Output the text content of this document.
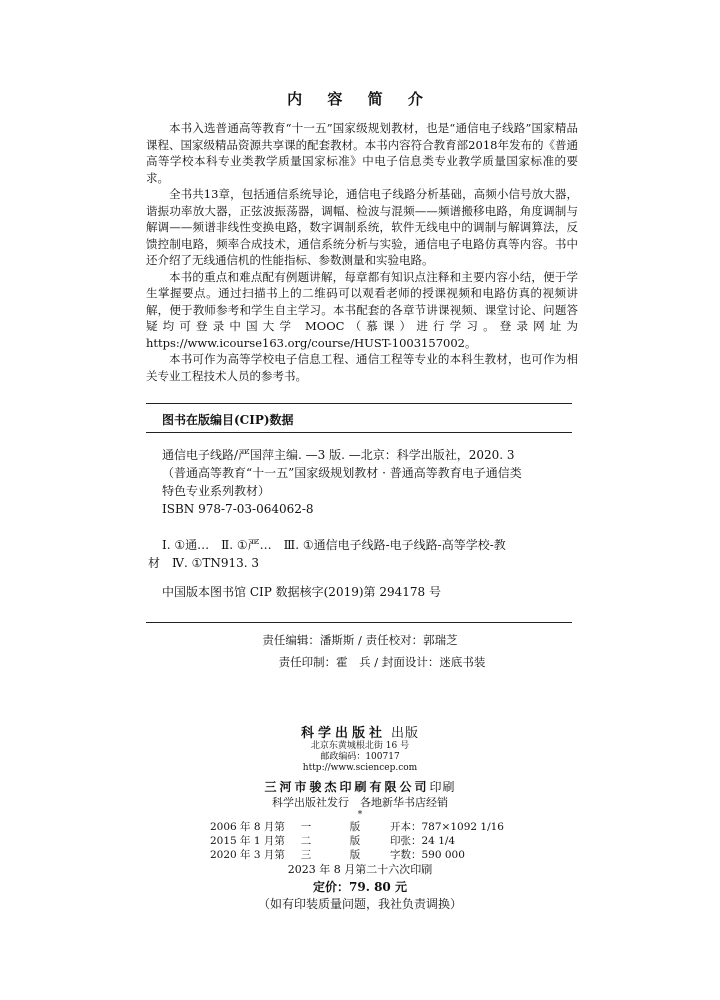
内 容 简 介

本书入选普通高等教育“十一五”国家级规划教材，也是“通信电子线路”国家精品课程、国家级精品资源共享课的配套教材。本书内容符合教育部2018年发布的《普通高等学校本科专业类教学质量国家标准》中电子信息类专业教学质量国家标准的要求。

全书共13章，包括通信系统导论，通信电子线路分析基础，高频小信号放大器，谐振功率放大器，正弦波振荡器，调幅、检波与混频——频谱搬移电路，角度调制与解调——频谱非线性变换电路，数字调制系统，软件无线电中的调制与解调算法，反馈控制电路，频率合成技术，通信系统分析与实验，通信电子电路仿真等内容。书中还介绍了无线通信机的性能指标、参数测量和实验电路。

本书的重点和难点配有例题讲解，每章都有知识点注释和主要内容小结，便于学生掌握要点。通过扫描书上的二维码可以观看老师的授课视频和电路仿真的视频讲解，便于教师参考和学生自主学习。本书配套的各章节讲课视频、课堂讨论、问题答疑均可登录中国大学 MOOC（慕课）进行学习。登录网址为 https://www.icourse163.org/course/HUST-1003157002。

本书可作为高等学校电子信息工程、通信工程等专业的本科生教材，也可作为相关专业工程技术人员的参考书。

图书在版编目(CIP)数据
通信电子线路/严国萍主编. —3 版. —北京：科学出版社，2020. 3
（普通高等教育“十一五”国家级规划教材 · 普通高等教育电子通信类
特色专业系列教材）
ISBN 978-7-03-064062-8
Ⅰ. ①通…　Ⅱ. ①严…　Ⅲ. ①通信电子线路-电子线路-高等学校-教
材　Ⅳ. ①TN913. 3
中国版本图书馆 CIP 数据核字(2019)第 294178 号
责任编辑：潘斯斯 / 责任校对：郭瑞芝
责任印制：霍　兵 / 封面设计：迷底书装
科学出版社 出版
北京东黄城根北街 16 号
邮政编码：100717
http://www.sciencep.com
三河市骏杰印刷有限公司印刷
科学出版社发行　各地新华书店经销
*
2006 年 8 月第	一	版	开本：787×1092 1/16
2015 年 1 月第	二	版	印张：24 1/4
2020 年 3 月第	三	版	字数：590 000
2023 年 8 月第二十六次印刷
定价：79. 80 元
（如有印装质量问题，我社负责调换）
